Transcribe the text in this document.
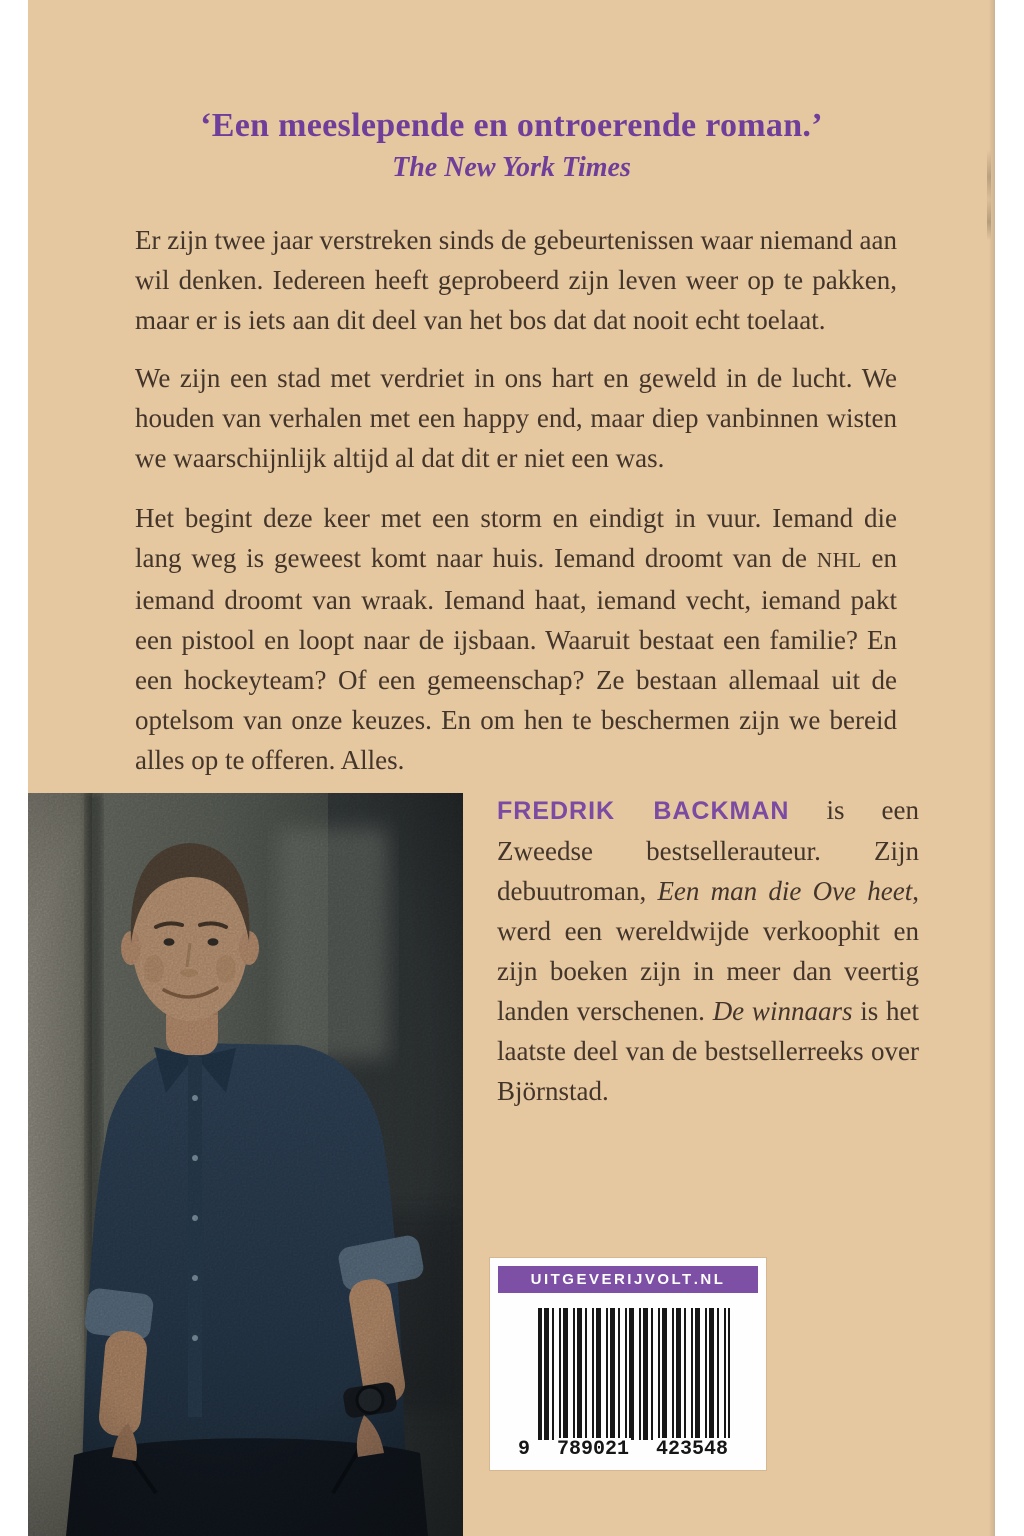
‘Een meeslepende en ontroerende roman.’
The New York Times

Er zijn twee jaar verstreken sinds de gebeurtenissen waar niemand aan wil denken. Iedereen heeft geprobeerd zijn leven weer op te pakken, maar er is iets aan dit deel van het bos dat dat nooit echt toelaat.

We zijn een stad met verdriet in ons hart en geweld in de lucht. We houden van verhalen met een happy end, maar diep vanbinnen wisten we waarschijnlijk altijd al dat dit er niet een was.

Het begint deze keer met een storm en eindigt in vuur. Iemand die lang weg is geweest komt naar huis. Iemand droomt van de NHL en iemand droomt van wraak. Iemand haat, iemand vecht, iemand pakt een pistool en loopt naar de ijsbaan. Waaruit bestaat een familie? En een hockeyteam? Of een gemeenschap? Ze bestaan allemaal uit de optelsom van onze keuzes. En om hen te beschermen zijn we bereid alles op te offeren. Alles.

FREDRIK BACKMAN is een Zweedse bestsellerauteur. Zijn debuutroman, Een man die Ove heet, werd een wereldwijde verkoophit en zijn boeken zijn in meer dan veertig landen verschenen. De winnaars is het laatste deel van de bestsellerreeks over Björnstad.

UITGEVERIJVOLT.NL
9 789021 423548
